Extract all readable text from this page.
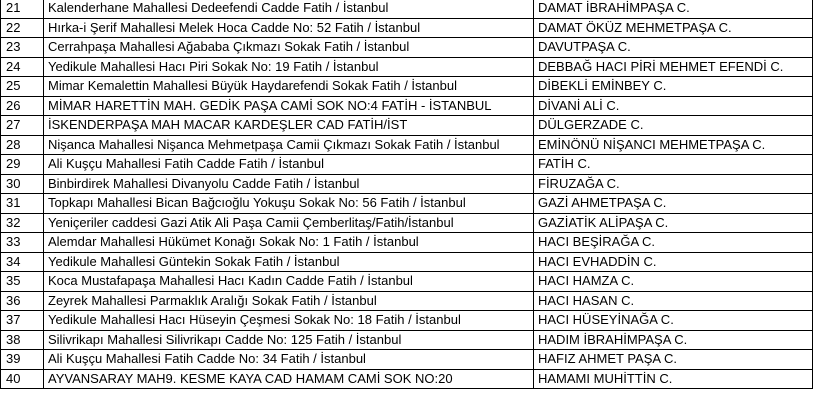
21	Kalenderhane Mahallesi Dedeefendi Cadde Fatih / İstanbul	DAMAT İBRAHİMPAŞA C.
22	Hırka-i Şerif Mahallesi Melek Hoca Cadde No: 52 Fatih / İstanbul	DAMAT ÖKÜZ MEHMETPAŞA C.
23	Cerrahpaşa Mahallesi Ağababa Çıkmazı Sokak Fatih / İstanbul	DAVUTPAŞA C.
24	Yedikule Mahallesi Hacı Piri Sokak No: 19 Fatih / İstanbul	DEBBAĞ HACI PİRİ MEHMET EFENDİ C.
25	Mimar Kemalettin Mahallesi Büyük Haydarefendi Sokak Fatih / İstanbul	DİBEKLİ EMİNBEY C.
26	MİMAR HARETTİN MAH. GEDİK PAŞA CAMİ SOK NO:4 FATİH - İSTANBUL	DİVANİ ALİ C.
27	İSKENDERPAŞA MAH MACAR KARDEŞLER CAD FATİH/İST	DÜLGERZADE C.
28	Nişanca Mahallesi Nişanca Mehmetpaşa Camii Çıkmazı Sokak Fatih / İstanbul	EMİNÖNÜ NİŞANCI MEHMETPAŞA C.
29	Ali Kuşçu Mahallesi Fatih Cadde Fatih / İstanbul	FATİH C.
30	Binbirdirek Mahallesi Divanyolu Cadde Fatih / İstanbul	FİRUZAĞA C.
31	Topkapı Mahallesi Bican Bağcıoğlu Yokuşu Sokak No: 56 Fatih / İstanbul	GAZİ AHMETPAŞA C.
32	Yeniçeriler caddesi Gazi Atik Ali Paşa Camii Çemberlitaş/Fatih/İstanbul	GAZİATİK ALİPAŞA C.
33	Alemdar Mahallesi Hükümet Konağı Sokak No: 1 Fatih / İstanbul	HACI BEŞİRAĞA C.
34	Yedikule Mahallesi Güntekin Sokak Fatih / İstanbul	HACI EVHADDİN C.
35	Koca Mustafapaşa Mahallesi Hacı Kadın Cadde Fatih / İstanbul	HACI HAMZA C.
36	Zeyrek Mahallesi Parmaklık Aralığı Sokak Fatih / İstanbul	HACI HASAN C.
37	Yedikule Mahallesi Hacı Hüseyin Çeşmesi Sokak No: 18 Fatih / İstanbul	HACI HÜSEYİNAĞA C.
38	Silivrikapı Mahallesi Silivrikapı Cadde No: 125 Fatih / İstanbul	HADIM İBRAHİMPAŞA C.
39	Ali Kuşçu Mahallesi Fatih Cadde No: 34 Fatih / İstanbul	HAFIZ AHMET PAŞA C.
40	AYVANSARAY MAH9. KESME KAYA CAD HAMAM CAMİ SOK NO:20	HAMAMI MUHİTTİN C.
